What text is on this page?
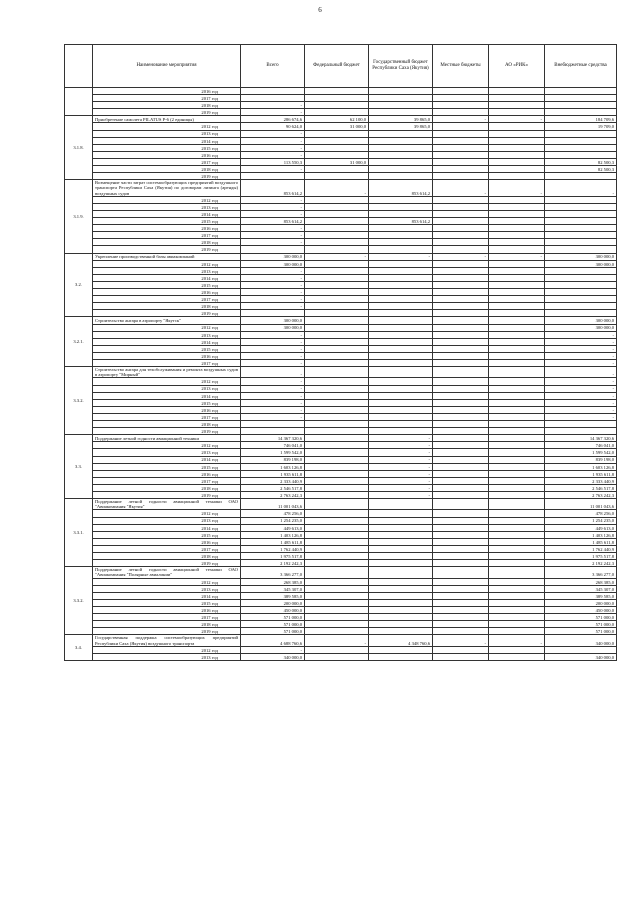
6
	Наименование мероприятия	Всего	Федеральный бюджет	Государственный бюджет Республики Саха (Якутия)	Местные бюджеты	АО «РИК»	Внебюджетные средства
	2016 год						
	2017 год						
	2018 год	-					
	2019 год	-					
3.1.8.	Приобретение самолета PILATUS P-6 (2 единицы)	286 674,6	62 100,0	39 865,0	-	-	184 709,6
	2012 год	90 624,0	31 000,0	39 865,0			19 709,0
	2013 год	-					
	2014 год	-					
	2015 год	-					
	2016 год	-					
	2017 год	113 550,3	31 000,0				82 500,3
	2018 год	-					82 500,3
	2019 год						
3.1.9.	Возмещение части затрат системообразующих предприятий воздушного транспорта Республики Саха (Якутия) по договорам лизинга (аренды) воздушных судов	853 614,2	-	853 614,2	-	-	-
	2012 год	-					
	2013 год	-					
	2014 год	-					
	2015 год	853 614,2		853 614,2			
	2016 год	-					
	2017 год	-					
	2018 год	-					
	2019 год						
3.2.	Укрепление производственной базы авиакомпаний	300 000,0	-	-	-	-	300 000,0
	2012 год	300 000,0					300 000,0
	2013 год	-					
	2014 год	-					
	2015 год	-					
	2016 год	-					
	2017 год	-					
	2018 год	-					
	2019 год						
3.2.1.	Строительство ангара в аэропорту "Якутск"	300 000,0					300 000,0
	2012 год	300 000,0					300 000,0
	2013 год	-					-
	2014 год	-					-
	2015 год	-					-
	2016 год	-					-
	2017 год	-					-
3.3.2.	Строительство ангара для техобслуживания и ремонта воздушных судов в аэропорту "Мирный"	-					-
	2012 год	-					-
	2013 год	-					-
	2014 год	-					-
	2015 год	-					-
	2016 год	-					-
	2017 год	-					-
	2018 год						
	2019 год						
3.3.	Поддержание летной годности авиационной техники	14 367 320,6		-			14 367 320,6
	2012 год	746 041,0		-			746 041,0
	2013 год	1 599 542,0		-			1 599 542,0
	2014 год	839 198,0		-			839 198,0
	2015 год	1 603 126,8		-			1 603 126,8
	2016 год	1 935 611,8		-			1 935 611,8
	2017 год	2 333 440,9		-			2 333 440,9
	2018 год	2 546 517,8		-			2 546 517,8
	2019 год	2 763 242,3		-			2 763 242,3
3.3.1.	Поддержание летной годности авиационной техники ОАО "Авиакомпания "Якутия"	11 001 043,6					11 001 043,6
	2012 год	478 256,0					478 256,0
	2013 год	1 254 235,0					1 254 235,0
	2014 год	449 613,0					449 613,0
	2015 год	1 403 126,8					1 403 126,8
	2016 год	1 485 611,8					1 485 611,8
	2017 год	1 762 440,9					1 762 440,9
	2018 год	1 975 517,8					1 975 517,8
	2019 год	2 192 242,3					2 192 242,3
3.3.2.	Поддержание летной годности авиационной техники ОАО "Авиакомпания "Полярные авиалинии"	3 366 277,0					3 366 277,0
	2012 год	268 385,0					268 385,0
	2013 год	345 307,0					345 307,0
	2014 год	389 585,0					389 585,0
	2015 год	200 000,0					200 000,0
	2016 год	450 000,0					450 000,0
	2017 год	571 000,0					571 000,0
	2018 год	571 000,0					571 000,0
	2019 год	571 000,0					571 000,0
3.4.	Государственная поддержка системообразующих предприятий Республики Саха (Якутия) воздушного транспорта	4 688 760,6	-	4 348 760,6	-	-	340 000,0
	2012 год	-					
	2013 год	340 000,0					340 000,0
